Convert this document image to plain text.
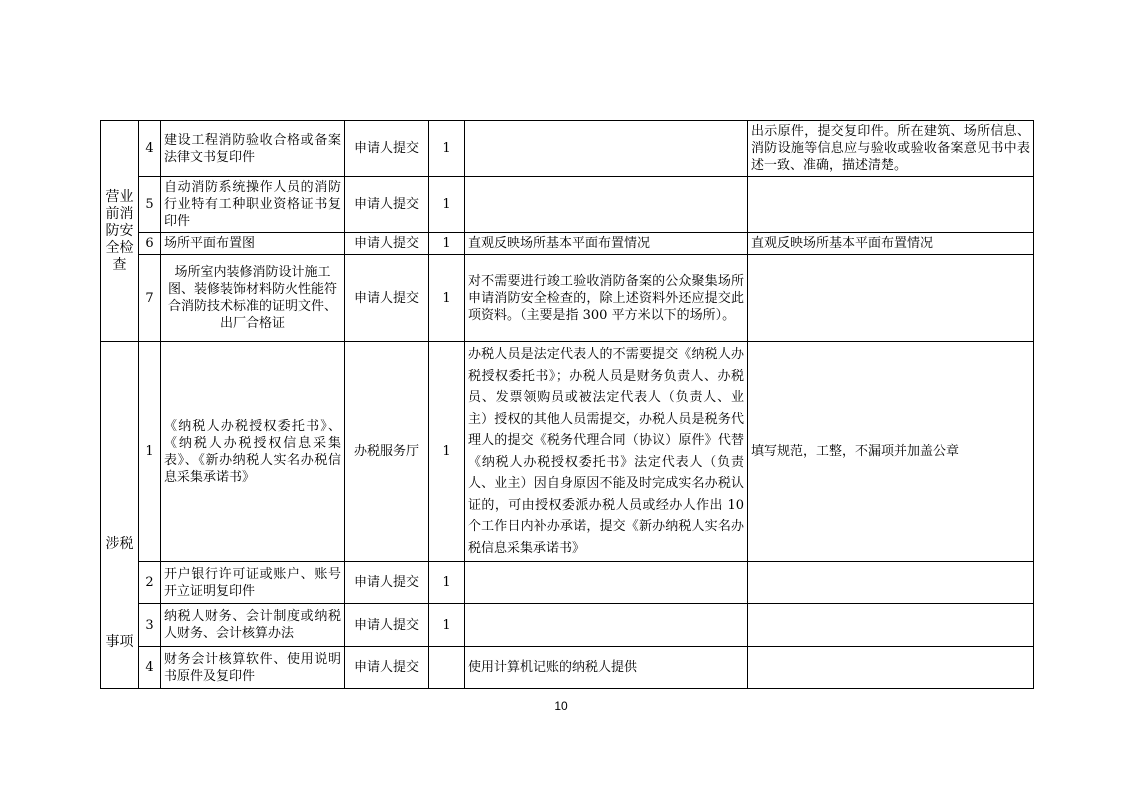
营业前消防安全检查	4	建设工程消防验收合格或备案法律文书复印件	申请人提交	1		出示原件，提交复印件。所在建筑、场所信息、消防设施等信息应与验收或验收备案意见书中表述一致、准确，描述清楚。
	5	自动消防系统操作人员的消防行业特有工种职业资格证书复印件	申请人提交	1		
	6	场所平面布置图	申请人提交	1	直观反映场所基本平面布置情况	直观反映场所基本平面布置情况
	7	场所室内装修消防设计施工图、装修装饰材料防火性能符合消防技术标准的证明文件、出厂合格证	申请人提交	1	对不需要进行竣工验收消防备案的公众聚集场所申请消防安全检查的，除上述资料外还应提交此项资料。（主要是指 300 平方米以下的场所）。	

涉税
事项	1	《纳税人办税授权委托书》、《纳税人办税授权信息采集表》、《新办纳税人实名办税信息采集承诺书》	办税服务厅	1	办税人员是法定代表人的不需要提交《纳税人办税授权委托书》；办税人员是财务负责人、办税员、发票领购员或被法定代表人（负责人、业主）授权的其他人员需提交，办税人员是税务代理人的提交《税务代理合同（协议）原件》代替《纳税人办税授权委托书》法定代表人（负责人、业主）因自身原因不能及时完成实名办税认证的，可由授权委派办税人员或经办人作出 10 个工作日内补办承诺，提交《新办纳税人实名办税信息采集承诺书》	填写规范，工整，不漏项并加盖公章
	2	开户银行许可证或账户、账号开立证明复印件	申请人提交	1		
	3	纳税人财务、会计制度或纳税人财务、会计核算办法	申请人提交	1		
	4	财务会计核算软件、使用说明书原件及复印件	申请人提交		使用计算机记账的纳税人提供	
10
